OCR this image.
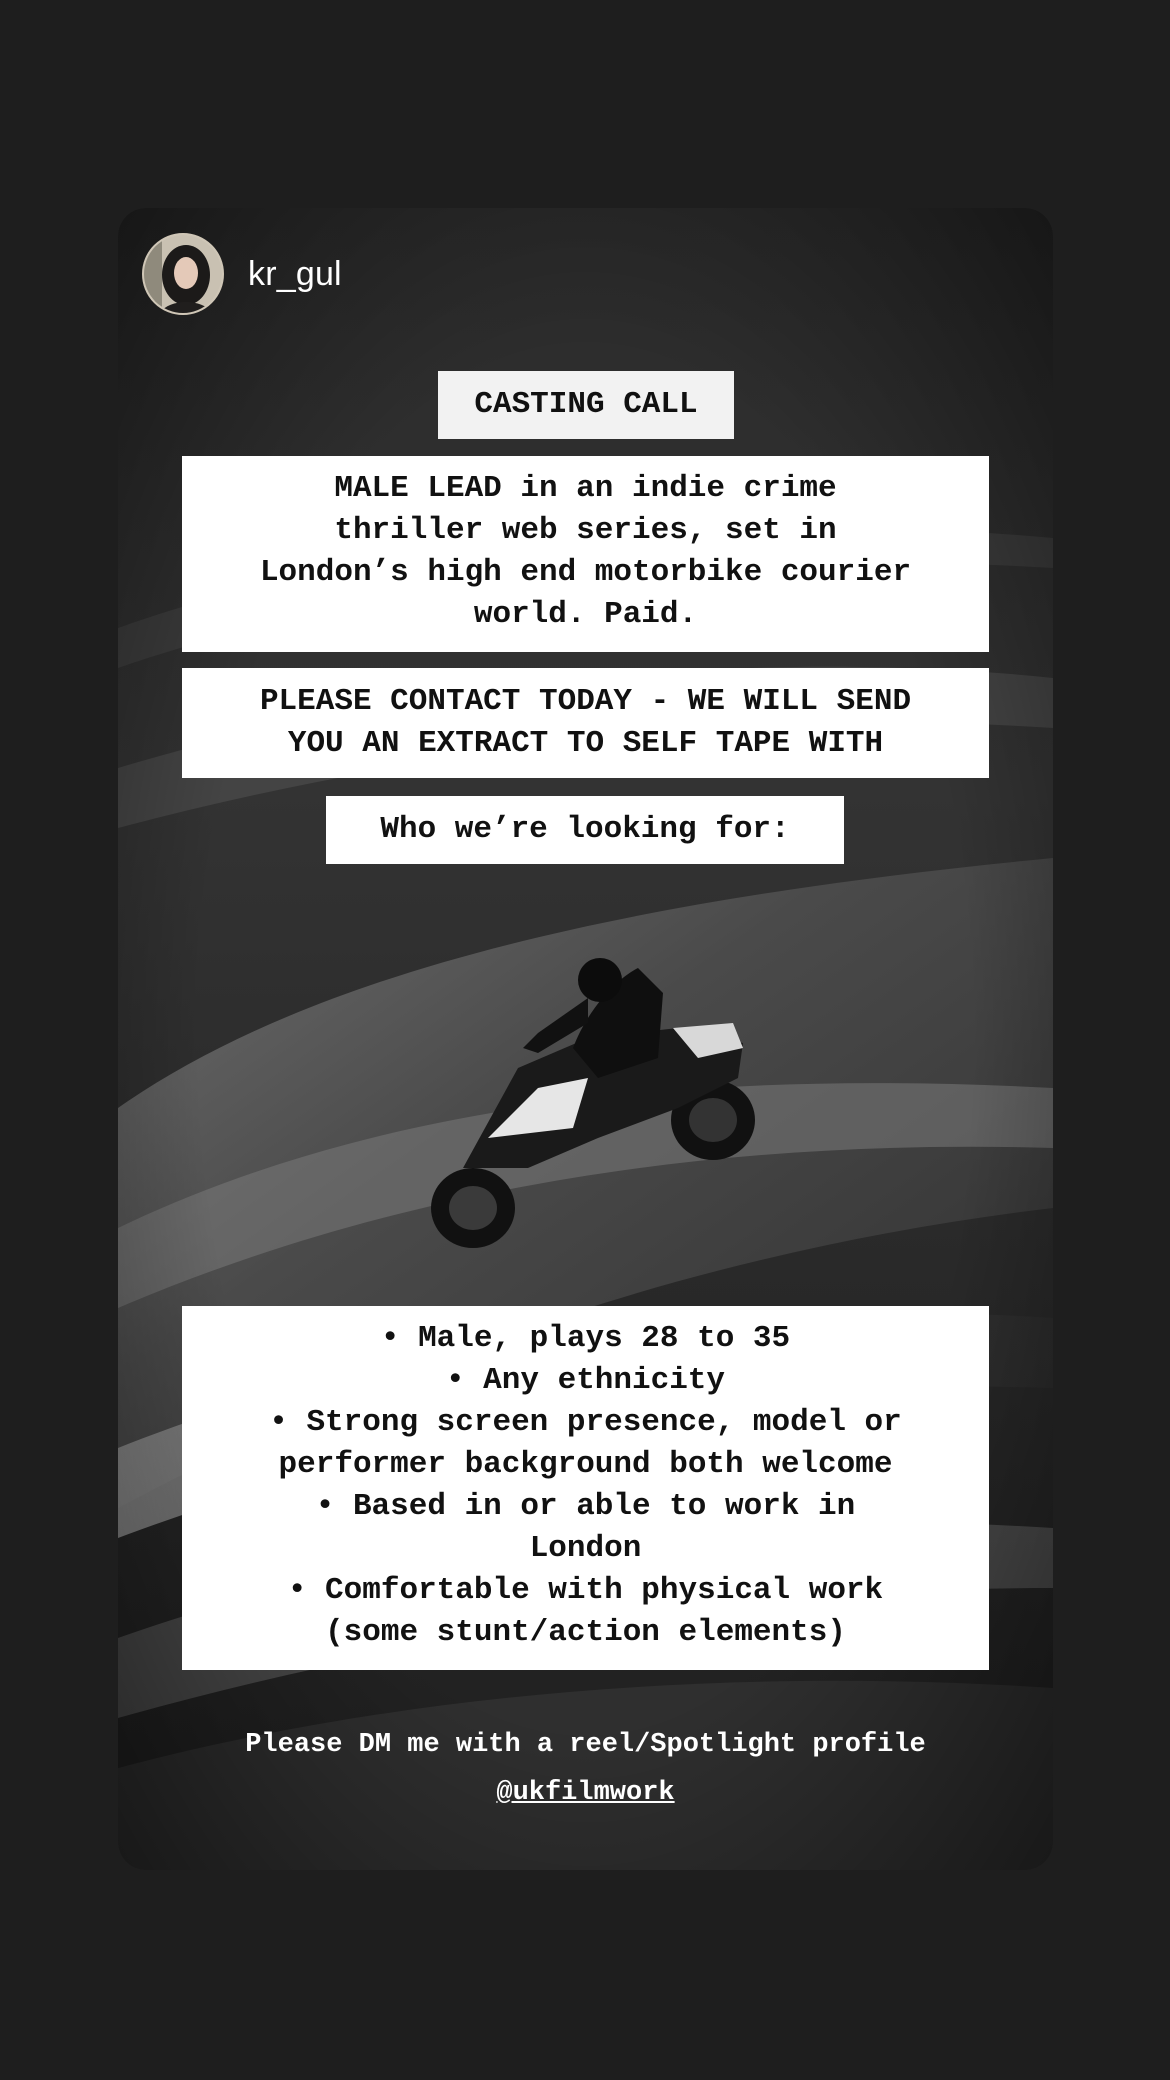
kr_gul
CASTING CALL
MALE LEAD in an indie crime
thriller web series, set in
London’s high end motorbike courier
world. Paid.
PLEASE CONTACT TODAY - WE WILL SEND
YOU AN EXTRACT TO SELF TAPE WITH
Who we’re looking for:
• Male, plays 28 to 35
• Any ethnicity
• Strong screen presence, model or
performer background both welcome
• Based in or able to work in
London
• Comfortable with physical work
(some stunt/action elements)
Please DM me with a reel/Spotlight profile
@ukfilmwork
